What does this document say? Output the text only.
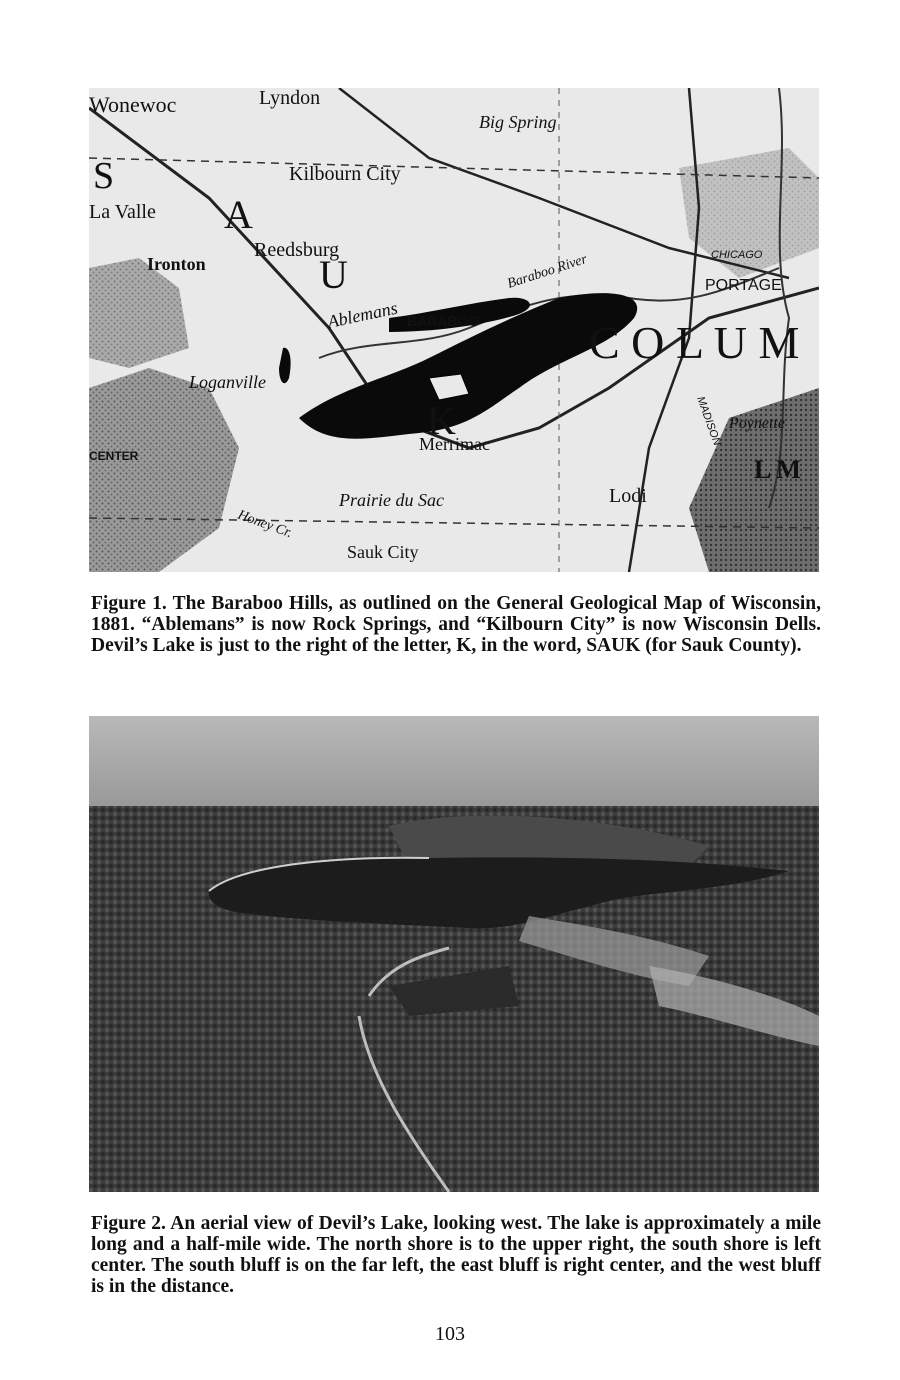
Wonewoc	Lyndon
Big Spring
Kilbourn City
S
La Valle A
Reedsburg
Ironton	U
Ablemans BARABOO
Baraboo River	CHICAGO
PORTAGE
C O L U M
Loganville
K
Merrimac
CENTER
MADISON Poynette
L M
Prairie du Sac	Lodi
Honey Cr.
Sauk City

Figure 1. The Baraboo Hills, as outlined on the General Geological Map of Wisconsin, 1881. “Ablemans” is now Rock Springs, and “Kilbourn City” is now Wisconsin Dells. Devil’s Lake is just to the right of the letter, K, in the word, SAUK (for Sauk County).

Figure 2. An aerial view of Devil’s Lake, looking west. The lake is approximately a mile long and a half-mile wide. The north shore is to the upper right, the south shore is left center. The south bluff is on the far left, the east bluff is right center, and the west bluff is in the distance.

103
